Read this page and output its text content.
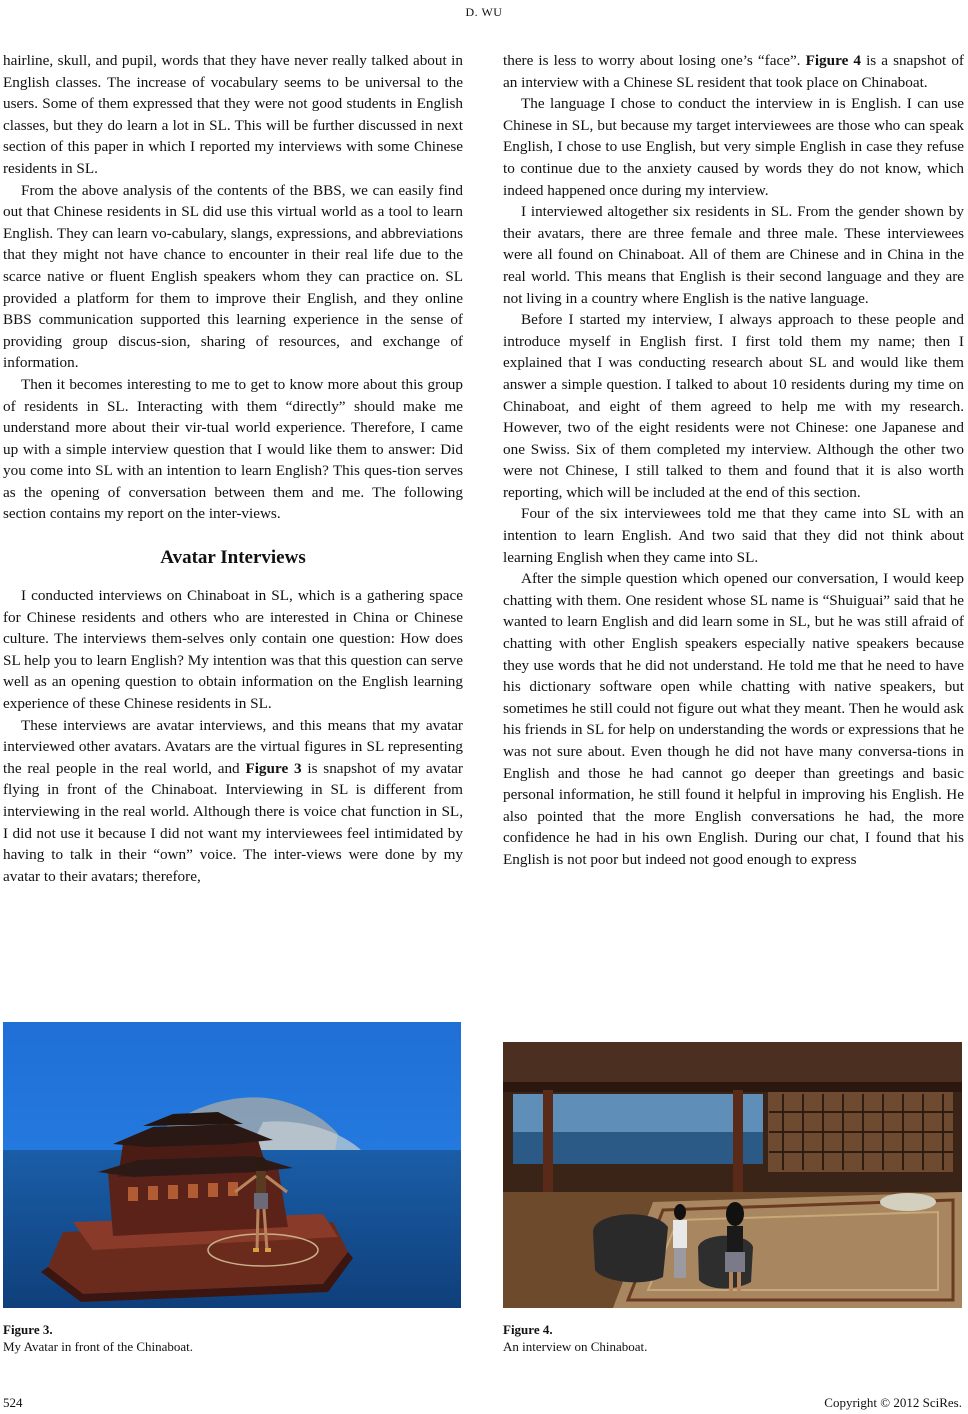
D. WU

hairline, skull, and pupil, words that they have never really talked about in English classes. The increase of vocabulary seems to be universal to the users. Some of them expressed that they were not good students in English classes, but they do learn a lot in SL. This will be further discussed in next section of this paper in which I reported my interviews with some Chinese residents in SL.

From the above analysis of the contents of the BBS, we can easily find out that Chinese residents in SL did use this virtual world as a tool to learn English. They can learn vo-cabulary, slangs, expressions, and abbreviations that they might not have chance to encounter in their real life due to the scarce native or fluent English speakers whom they can practice on. SL provided a platform for them to improve their English, and they online BBS communication supported this learning experience in the sense of providing group discus-sion, sharing of resources, and exchange of information.

Then it becomes interesting to me to get to know more about this group of residents in SL. Interacting with them “directly” should make me understand more about their vir-tual world experience. Therefore, I came up with a simple interview question that I would like them to answer: Did you come into SL with an intention to learn English? This ques-tion serves as the opening of conversation between them and me. The following section contains my report on the inter-views.

Avatar Interviews

I conducted interviews on Chinaboat in SL, which is a gathering space for Chinese residents and others who are interested in China or Chinese culture. The interviews them-selves only contain one question: How does SL help you to learn English? My intention was that this question can serve well as an opening question to obtain information on the English learning experience of these Chinese residents in SL.

These interviews are avatar interviews, and this means that my avatar interviewed other avatars. Avatars are the virtual figures in SL representing the real people in the real world, and Figure 3 is snapshot of my avatar flying in front of the Chinaboat. Interviewing in SL is different from interviewing in the real world. Although there is voice chat function in SL, I did not use it because I did not want my interviewees feel intimidated by having to talk in their “own” voice. The inter-views were done by my avatar to their avatars; therefore,

there is less to worry about losing one’s “face”. Figure 4 is a snapshot of an interview with a Chinese SL resident that took place on Chinaboat.

The language I chose to conduct the interview in is English. I can use Chinese in SL, but because my target interviewees are those who can speak English, I chose to use English, but very simple English in case they refuse to continue due to the anxiety caused by words they do not know, which indeed happened once during my interview.

I interviewed altogether six residents in SL. From the gender shown by their avatars, there are three female and three male. These interviewees were all found on Chinaboat. All of them are Chinese and in China in the real world. This means that English is their second language and they are not living in a country where English is the native language.

Before I started my interview, I always approach to these people and introduce myself in English first. I first told them my name; then I explained that I was conducting research about SL and would like them answer a simple question. I talked to about 10 residents during my time on Chinaboat, and eight of them agreed to help me with my research. However, two of the eight residents were not Chinese: one Japanese and one Swiss. Six of them completed my interview. Although the other two were not Chinese, I still talked to them and found that it is also worth reporting, which will be included at the end of this section.

Four of the six interviewees told me that they came into SL with an intention to learn English. And two said that they did not think about learning English when they came into SL.

After the simple question which opened our conversation, I would keep chatting with them. One resident whose SL name is “Shuiguai” said that he wanted to learn English and did learn some in SL, but he was still afraid of chatting with other English speakers especially native speakers because they use words that he did not understand. He told me that he need to have his dictionary software open while chatting with native speakers, but sometimes he still could not figure out what they meant. Then he would ask his friends in SL for help on understanding the words or expressions that he was not sure about. Even though he did not have many conversa-tions in English and those he had cannot go deeper than greetings and basic personal information, he still found it helpful in improving his English. He also pointed that the more English conversations he had, the more confidence he had in his own English. During our chat, I found that his English is not poor but indeed not good enough to express

Figure 3.
My Avatar in front of the Chinaboat.
Figure 4.
An interview on Chinaboat.
524	Copyright © 2012 SciRes.
